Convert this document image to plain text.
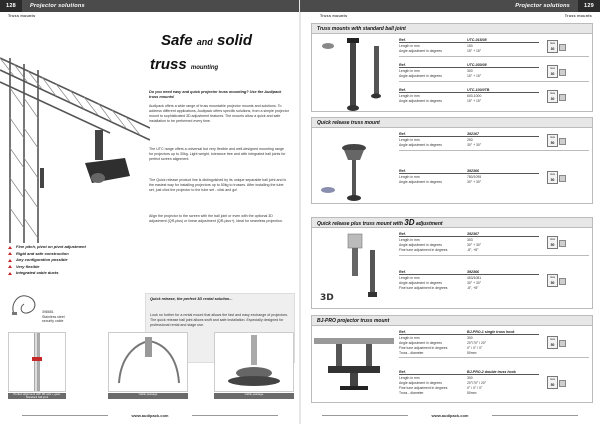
128	Projector solutions
Truss mounts
Safe and solid
truss mounting
Do you need easy and quick projector truss mounting? Use the Audipack truss mounts!
Audipack offers a wide range of truss mountable projector mounts and solutions. To address different applications, Audipack offers specific solutions, from a simple projector mount to sophisticated 3D adjustment features. The mounts allow a quick and safe installation to be performed every time.
The UTC range offers a universal but very flexible and well-designed mounting range for projectors up to 30kg. Light weight, tolerance free and with integrated ball joints for perfect screen alignment.
The Quick release product line is distinguished by its unique separable ball joint and is the easiest way for installing projectors up to 50kg to trusses. After installing the tube set, just click the projector to the tube set - click and go!
Align the projector to the screen with the ball joint or even with the optional 3D adjustment (QR-plus) or linear adjustment (QR-plus+), ideal for seamless projection.
Fine pitch, pivot on pivot adjustment
Rigid and safe construction
Any configuration possible
Very flexible
Integrated cable ducts
398681
Stainless steel
security cable
Quick release, the perfect 3D rental solution...
Look no further for a rental mount that allows the fast and easy exchange of projectors. The quick release ball joint allows swift and safe installation. Especially designed for professional rental and stage use.
Perfect alignment with 3D-axis + gear, Standard ball joint
Cable passage	Cable passage
www.audipack.com
Projector solutions	129
Truss mounts	Truss mounts
Truss mounts with standard ball joint
Ref.	UTC-015/08
Length in mm	150
Angle adjustment in degrees	15° + 15°
max
30
Ref.	UTC-030/08
Length in mm	300
Angle adjustment in degrees	15° + 15°
max
30
Ref.	UTC-100/0TB
Length in mm	600-1000
Angle adjustment in degrees	15° + 15°
max
30
Quick release truss mount
Ref.	392167
Length in mm	250
Angle adjustment in degrees	30° + 30°
max
50
Ref.	392366
Length in mm	780/1095
Angle adjustment in degrees	30° + 30°
max
50
Quick release plus truss mount with 3D adjustment
3D
Ref.	392367
Length in mm	303
Angle adjustment in degrees	30° + 30°
Fine tune adjustment in degrees	-8°, +8°
max
50
Ref.	392366
Length in mm	453/1081
Angle adjustment in degrees	30° + 30°
Fine tune adjustment in degrees	-8°, +8°
max
50
BJ-PRO projector truss mount
Ref.	BJ-PRO-1 single truss hook
Length in mm	300
Angle adjustment in degrees	20°/70° / 20°
Fine tune adjustment in degrees	0° / 0° / 0°
Truss - diameter	50mm
max
50
Ref.	BJ-PRO-2 double truss hook
Length in mm	300
Angle adjustment in degrees	20°/70° / 20°
Fine tune adjustment in degrees	0° / 0° / 0°
Truss - diameter	50mm
max
50
www.audipack.com
